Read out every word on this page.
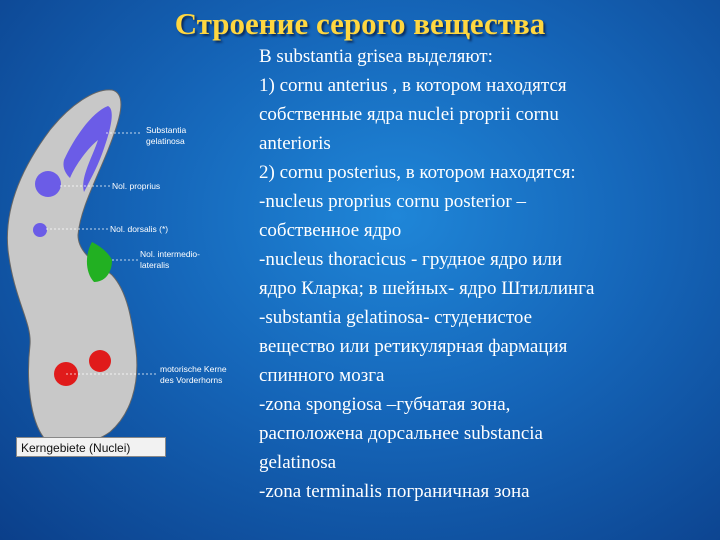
Строение серого вещества
Substantia
gelatinosa
Nol. proprius
Nol. dorsalis (*)
Nol. intermedio-
lateralis
motorische Kerne
des Vorderhorns
Kerngebiete (Nuclei)
В substantia grisea выделяют:
1) cornu anterius , в котором находятся
собственные ядра nuclei proprii cornu
anterioris
2) cornu posterius, в котором находятся:
-nucleus proprius cornu posterior –
собственное ядро
-nucleus thoracicus - грудное ядро или
ядро Кларка; в шейных- ядро Штиллинга
-substantia gelatinosa- студенистое
вещество или ретикулярная фармация
спинного мозга
-zona spongiosa –губчатая зона,
расположена дорсальнее substancia
gelatinosa
-zona terminalis пограничная зона
